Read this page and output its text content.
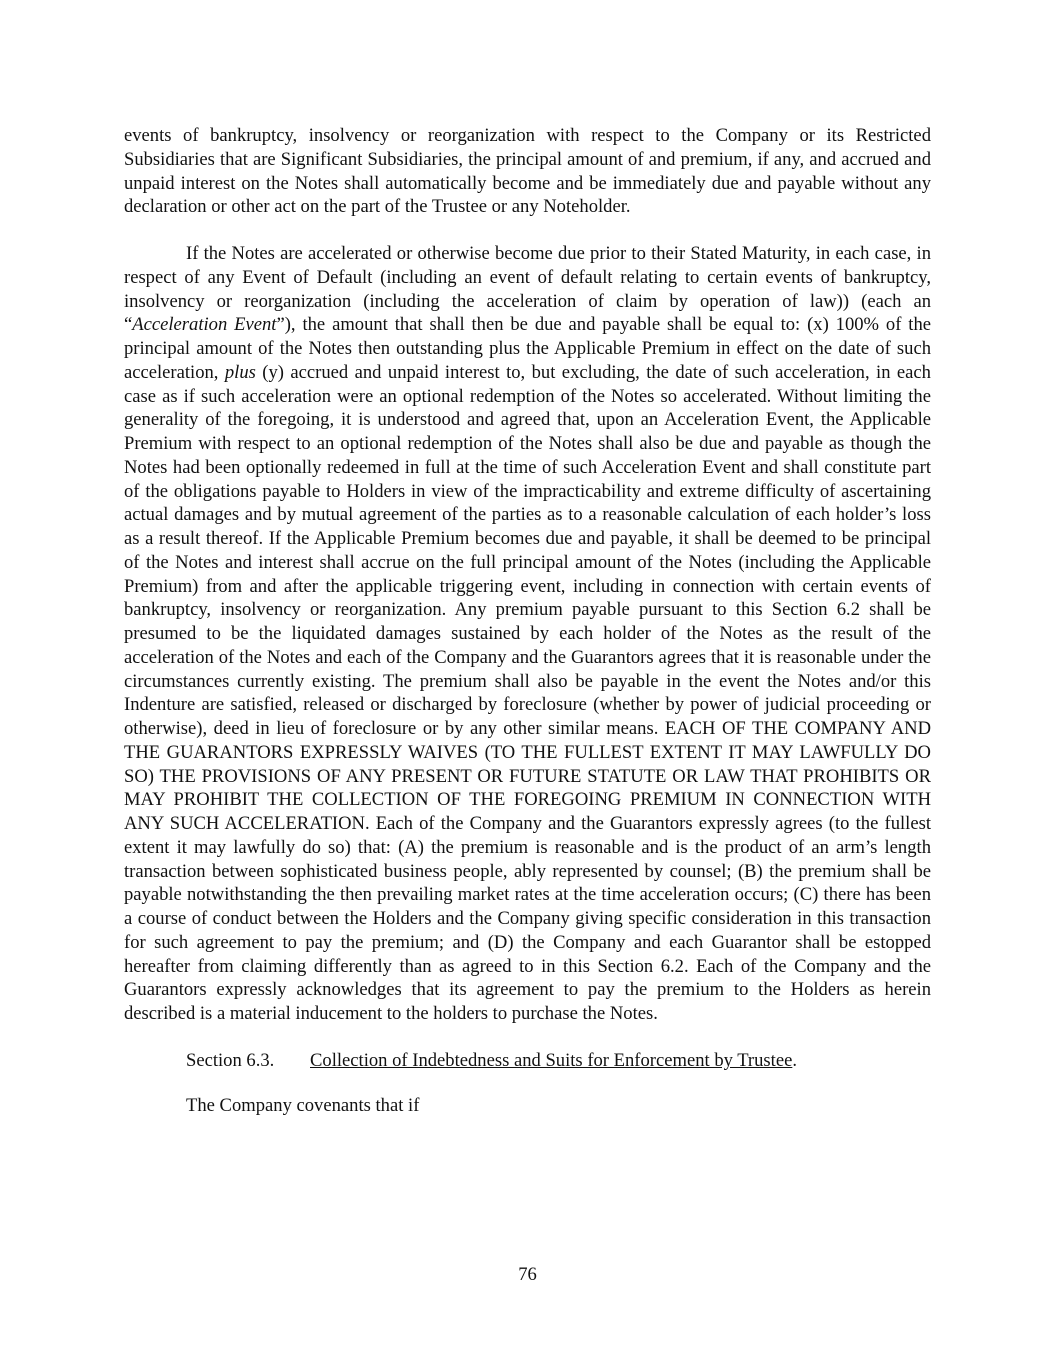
events of bankruptcy, insolvency or reorganization with respect to the Company or its Restricted Subsidiaries that are Significant Subsidiaries, the principal amount of and premium, if any, and accrued and unpaid interest on the Notes shall automatically become and be immediately due and payable without any declaration or other act on the part of the Trustee or any Noteholder.

If the Notes are accelerated or otherwise become due prior to their Stated Maturity, in each case, in respect of any Event of Default (including an event of default relating to certain events of bankruptcy, insolvency or reorganization (including the acceleration of claim by operation of law)) (each an “Acceleration Event”), the amount that shall then be due and payable shall be equal to: (x) 100% of the principal amount of the Notes then outstanding plus the Applicable Premium in effect on the date of such acceleration, plus (y) accrued and unpaid interest to, but excluding, the date of such acceleration, in each case as if such acceleration were an optional redemption of the Notes so accelerated. Without limiting the generality of the foregoing, it is understood and agreed that, upon an Acceleration Event, the Applicable Premium with respect to an optional redemption of the Notes shall also be due and payable as though the Notes had been optionally redeemed in full at the time of such Acceleration Event and shall constitute part of the obligations payable to Holders in view of the impracticability and extreme difficulty of ascertaining actual damages and by mutual agreement of the parties as to a reasonable calculation of each holder’s loss as a result thereof. If the Applicable Premium becomes due and payable, it shall be deemed to be principal of the Notes and interest shall accrue on the full principal amount of the Notes (including the Applicable Premium) from and after the applicable triggering event, including in connection with certain events of bankruptcy, insolvency or reorganization. Any premium payable pursuant to this Section 6.2 shall be presumed to be the liquidated damages sustained by each holder of the Notes as the result of the acceleration of the Notes and each of the Company and the Guarantors agrees that it is reasonable under the circumstances currently existing. The premium shall also be payable in the event the Notes and/or this Indenture are satisfied, released or discharged by foreclosure (whether by power of judicial proceeding or otherwise), deed in lieu of foreclosure or by any other similar means. EACH OF THE COMPANY AND THE GUARANTORS EXPRESSLY WAIVES (TO THE FULLEST EXTENT IT MAY LAWFULLY DO SO) THE PROVISIONS OF ANY PRESENT OR FUTURE STATUTE OR LAW THAT PROHIBITS OR MAY PROHIBIT THE COLLECTION OF THE FOREGOING PREMIUM IN CONNECTION WITH ANY SUCH ACCELERATION. Each of the Company and the Guarantors expressly agrees (to the fullest extent it may lawfully do so) that: (A) the premium is reasonable and is the product of an arm’s length transaction between sophisticated business people, ably represented by counsel; (B) the premium shall be payable notwithstanding the then prevailing market rates at the time acceleration occurs; (C) there has been a course of conduct between the Holders and the Company giving specific consideration in this transaction for such agreement to pay the premium; and (D) the Company and each Guarantor shall be estopped hereafter from claiming differently than as agreed to in this Section 6.2. Each of the Company and the Guarantors expressly acknowledges that its agreement to pay the premium to the Holders as herein described is a material inducement to the holders to purchase the Notes.

Section 6.3. Collection of Indebtedness and Suits for Enforcement by Trustee.

The Company covenants that if

76
